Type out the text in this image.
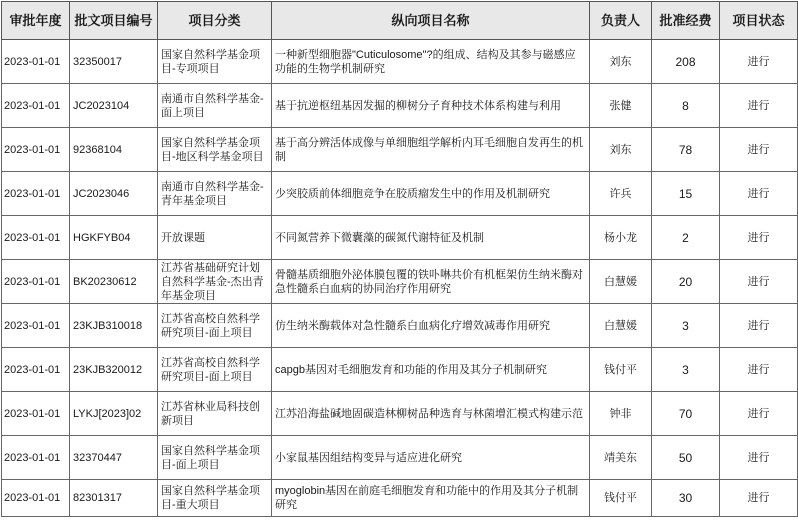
审批年度	批文项目编号	项目分类	纵向项目名称	负责人	批准经费	项目状态
2023-01-01	32350017	国家自然科学基金项目-专项项目	一种新型细胞器"Cuticulosome"?的组成、结构及其参与磁感应功能的生物学机制研究	刘东	208	进行
2023-01-01	JC2023104	南通市自然科学基金-面上项目	基于抗逆枢纽基因发掘的柳树分子育种技术体系构建与利用	张健	8	进行
2023-01-01	92368104	国家自然科学基金项目-地区科学基金项目	基于高分辨活体成像与单细胞组学解析内耳毛细胞自发再生的机制	刘东	78	进行
2023-01-01	JC2023046	南通市自然科学基金-青年基金项目	少突胶质前体细胞竞争在胶质瘤发生中的作用及机制研究	许兵	15	进行
2023-01-01	HGKFYB04	开放课题	不同氮营养下微囊藻的碳氮代谢特征及机制	杨小龙	2	进行
2023-01-01	BK20230612	江苏省基础研究计划自然科学基金-杰出青年基金项目	骨髓基质细胞外泌体膜包覆的铁卟啉共价有机框架仿生纳米酶对急性髓系白血病的协同治疗作用研究	白慧媛	20	进行
2023-01-01	23KJB310018	江苏省高校自然科学研究项目-面上项目	仿生纳米酶载体对急性髓系白血病化疗增效减毒作用研究	白慧媛	3	进行
2023-01-01	23KJB320012	江苏省高校自然科学研究项目-面上项目	capgb基因对毛细胞发育和功能的作用及其分子机制研究	钱付平	3	进行
2023-01-01	LYKJ[2023]02	江苏省林业局科技创新项目	江苏沿海盐碱地固碳造林柳树品种选育与林菌增汇模式构建示范	钟非	70	进行
2023-01-01	32370447	国家自然科学基金项目-面上项目	小家鼠基因组结构变异与适应进化研究	靖美东	50	进行
2023-01-01	82301317	国家自然科学基金项目-重大项目	myoglobin基因在前庭毛细胞发育和功能中的作用及其分子机制研究	钱付平	30	进行
